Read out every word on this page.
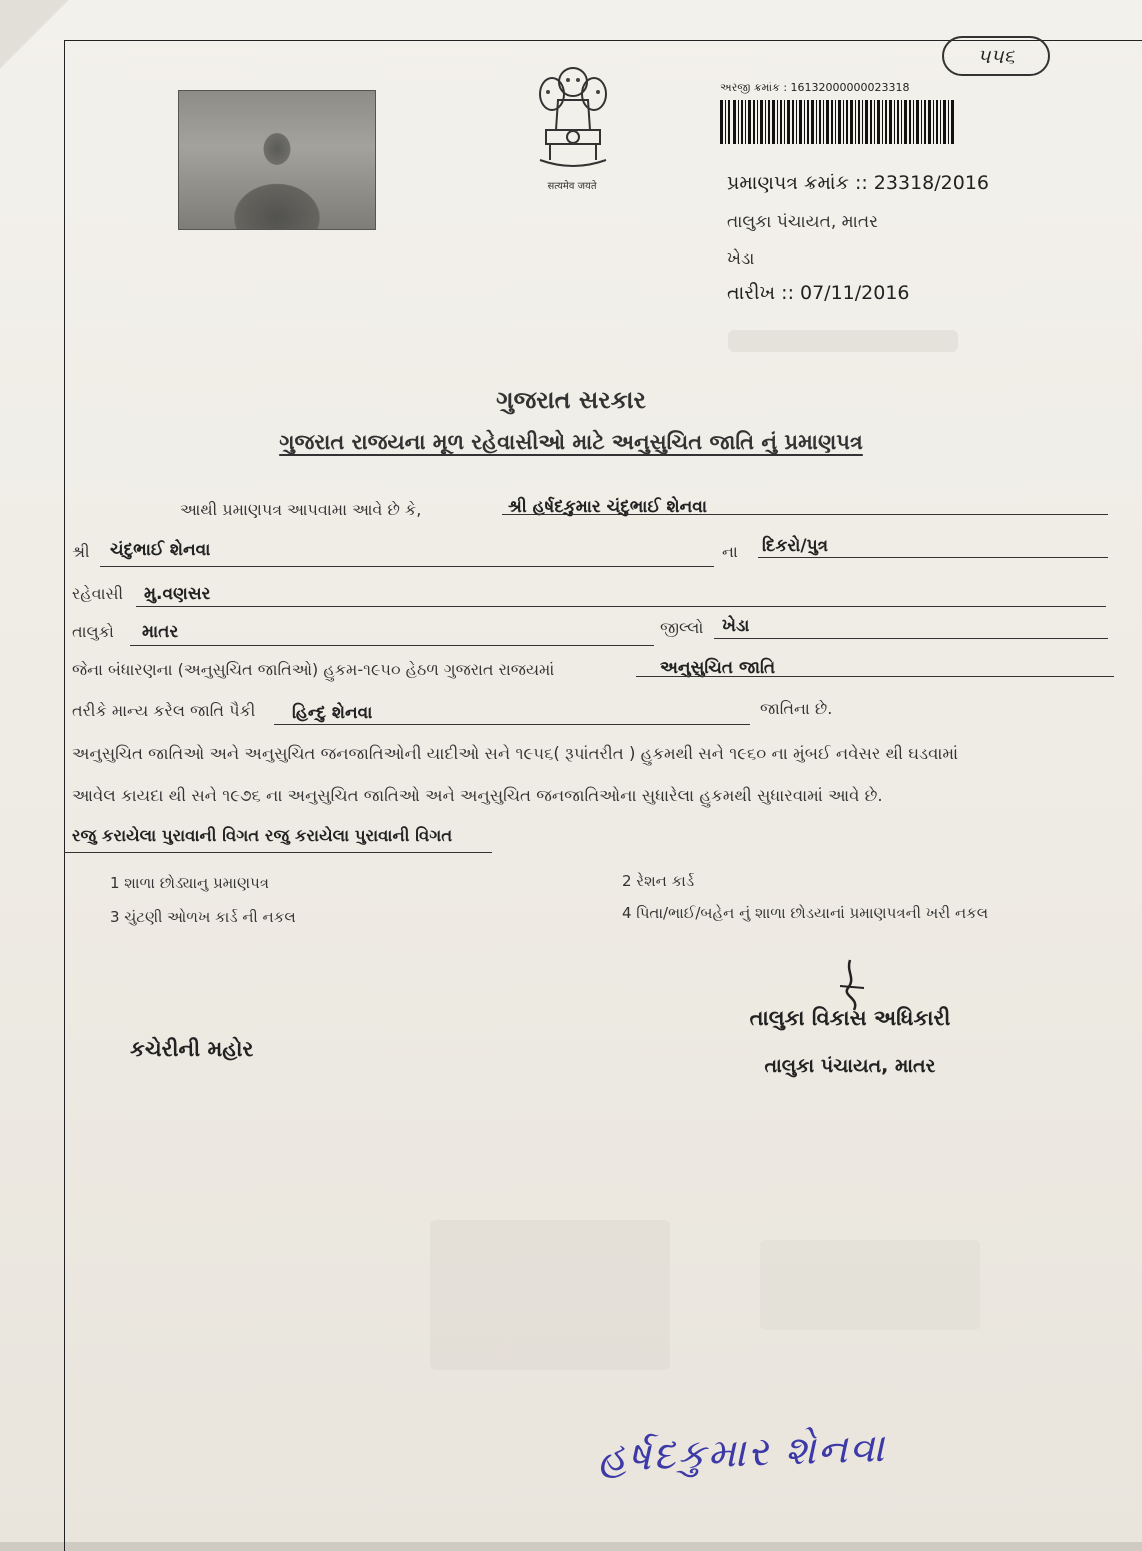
सत्यमेव जयते
૫૫૬
અરજી ક્રમાંક : 16132000000023318
પ્રમાણપત્ર ક્રમાંક :: 23318/2016
તાલુકા પંચાયત, માતર
ખેડા
તારીખ :: 07/11/2016
ગુજરાત સરકાર
ગુજરાત રાજયના મૂળ રહેવાસીઓ માટે અનુસુચિત જાતિ નું પ્રમાણપત્ર
આથી પ્રમાણપત્ર આપવામા આવે છે કે,	શ્રી હર્ષદકુમાર ચંદુભાઈ શેનવા
શ્રી ચંદુભાઈ શેનવા	ના દિકરો/પુત્ર
રહેવાસી મુ.વણસર
તાલુકો માતર	જીલ્લો ખેડા
જેના બંધારણના (અનુસુચિત જાતિઓ) હુકમ-૧૯૫૦ હેઠળ ગુજરાત રાજયમાં	અનુસુચિત જાતિ
તરીકે માન્ય કરેલ જાતિ પૈકી હિન્દુ શેનવા	જાતિના છે.
અનુસુચિત જાતિઓ અને અનુસુચિત જનજાતિઓની યાદીઓ સને ૧૯૫૬( રૂપાંતરીત ) હુકમથી સને ૧૯૬૦ ના મુંબઈ નવેસર થી ઘડવામાં
આવેલ કાયદા થી સને ૧૯૭૬ ના અનુસુચિત જાતિઓ અને અનુસુચિત જનજાતિઓના સુધારેલા હુકમથી સુધારવામાં આવે છે.
રજુ કરાયેલા પુરાવાની વિગત રજુ કરાયેલા પુરાવાની વિગત
1 શાળા છોડ્યાનુ પ્રમાણપત્ર	2 રેશન કાર્ડ
3 ચુંટણી ઓળખ કાર્ડ ની નકલ	4 પિતા/ભાઈ/બહેન નું શાળા છોડયાનાં પ્રમાણપત્રની ખરી નકલ
તાલુકા વિકાસ અધિકારી
તાલુકા પંચાયત, માતર
કચેરીની મહોર
હર્ષદકુમાર શેનવા
